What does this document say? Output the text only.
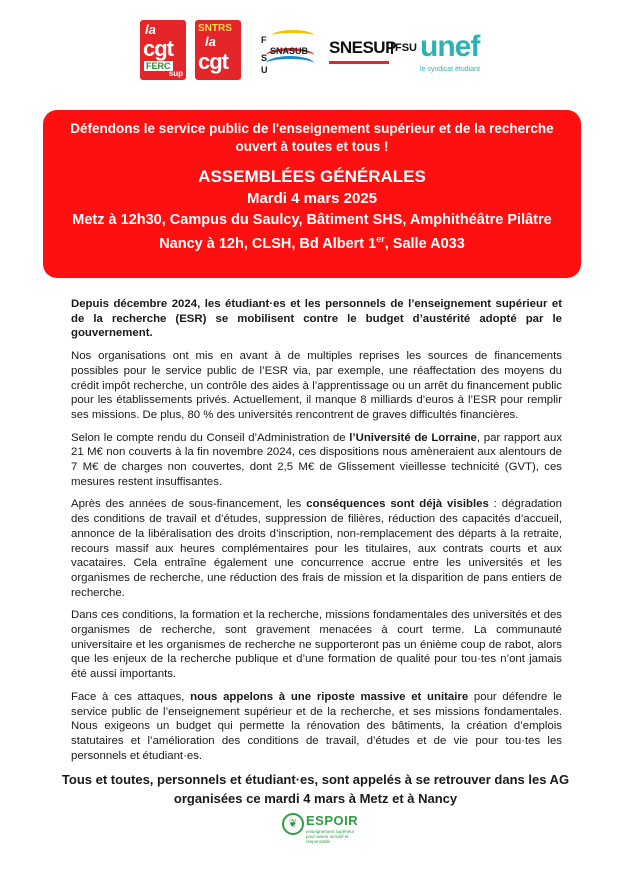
la
cgt
FERC
sup
SNTRS
la
cgt
F
S
U
SNASUB SNESUP FSU unef
le syndicat étudiant
Défendons le service public de l'enseignement supérieur et de la recherche
ouvert à toutes et tous !
ASSEMBLÉES GÉNÉRALES
Mardi 4 mars 2025
Metz à 12h30, Campus du Saulcy, Bâtiment SHS, Amphithéâtre Pilâtre
Nancy à 12h, CLSH, Bd Albert 1er, Salle A033

Depuis décembre 2024, les étudiant·es et les personnels de l’enseignement supérieur et de la recherche (ESR) se mobilisent contre le budget d’austérité adopté par le gouvernement.

Nos organisations ont mis en avant à de multiples reprises les sources de financements possibles pour le service public de l’ESR via, par exemple, une réaffectation des moyens du crédit impôt recherche, un contrôle des aides à l’apprentissage ou un arrêt du financement public pour les établissements privés. Actuellement, il manque 8 milliards d’euros à l’ESR pour remplir ses missions. De plus, 80 % des universités rencontrent de graves difficultés financières.

Selon le compte rendu du Conseil d’Administration de l’Université de Lorraine, par rapport aux 21 M€ non couverts à la fin novembre 2024, ces dispositions nous amèneraient aux alentours de 7 M€ de charges non couvertes, dont 2,5 M€ de Glissement vieillesse technicité (GVT), ces mesures restent insuffisantes.

Après des années de sous-financement, les conséquences sont déjà visibles : dégradation des conditions de travail et d’études, suppression de filières, réduction des capacités d’accueil, annonce de la libéralisation des droits d’inscription, non-remplacement des départs à la retraite, recours massif aux heures complémentaires pour les titulaires, aux contrats courts et aux vacataires. Cela entraîne également une concurrence accrue entre les universités et les organismes de recherche, une réduction des frais de mission et la disparition de pans entiers de recherche.

Dans ces conditions, la formation et la recherche, missions fondamentales des universités et des organismes de recherche, sont gravement menacées à court terme. La communauté universitaire et les organismes de recherche ne supporteront pas un énième coup de rabot, alors que les enjeux de la recherche publique et d’une formation de qualité pour tou·tes n’ont jamais été aussi importants.

Face à ces attaques, nous appelons à une riposte massive et unitaire pour défendre le service public de l’enseignement supérieur et de la recherche, et ses missions fondamentales. Nous exigeons un budget qui permette la rénovation des bâtiments, la création d’emplois statutaires et l’amélioration des conditions de travail, d’études et de vie pour tou·tes les personnels et étudiant·es.

Tous et toutes, personnels et étudiant·es, sont appelés à se retrouver dans les AG
organisées ce mardi 4 mars à Metz et à Nancy
❦ ESPOIR
enseignement supérieur pour avenir inclusif et responsable
